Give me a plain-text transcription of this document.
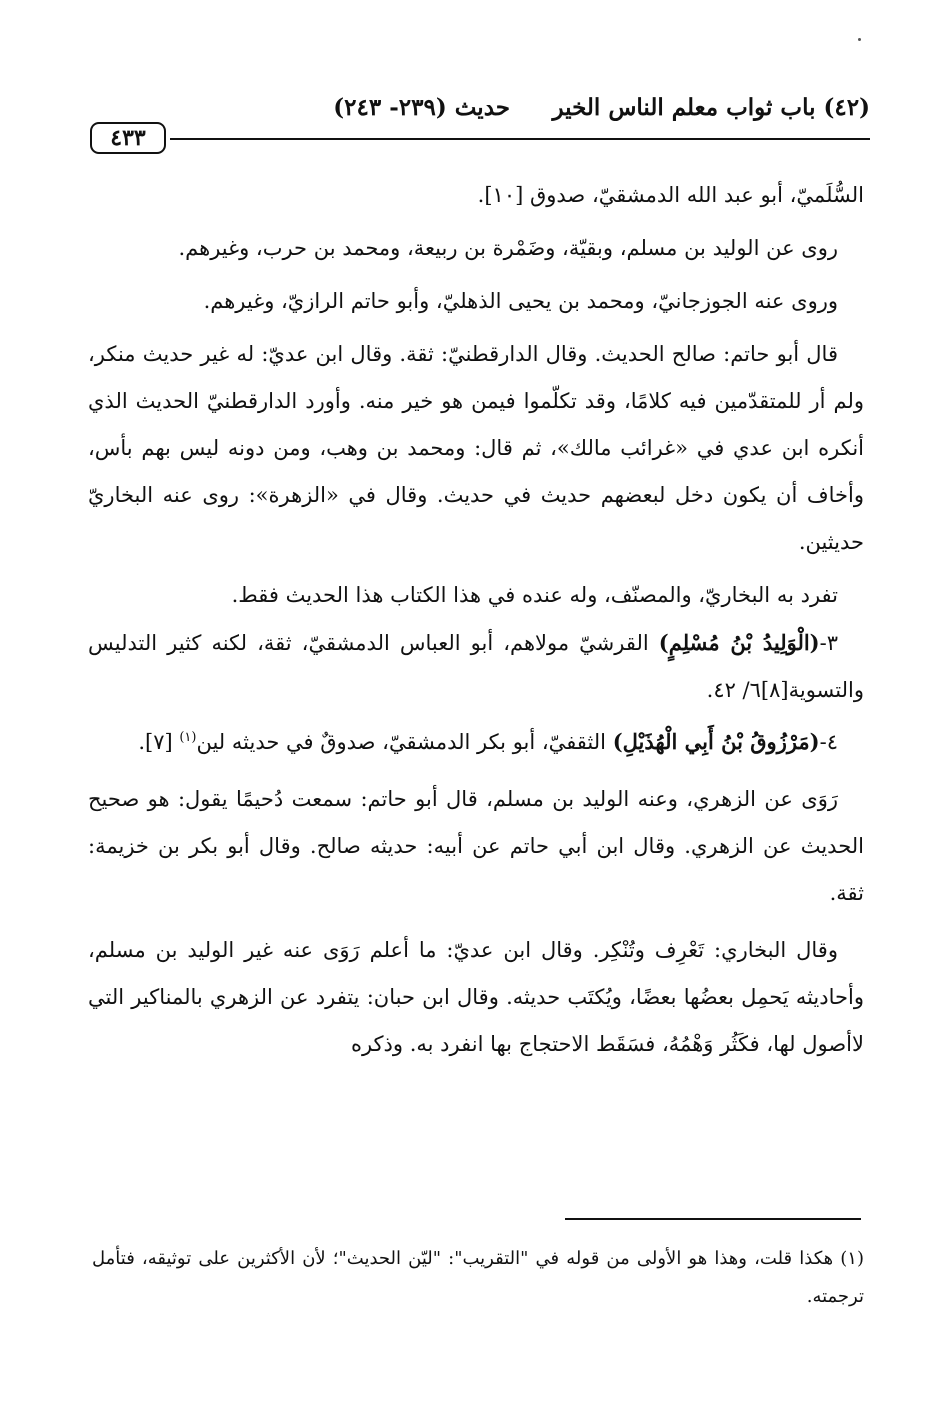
(٤٢) باب ثواب معلم الناس الخير
حديث (٢٣٩- ٢٤٣)
٤٣٣

السُّلَميّ، أبو عبد الله الدمشقيّ، صدوق [١٠].

روى عن الوليد بن مسلم، وبقيّة، وضَمْرة بن ربيعة، ومحمد بن حرب، وغيرهم.

وروى عنه الجوزجانيّ، ومحمد بن يحيى الذهليّ، وأبو حاتم الرازيّ، وغيرهم.

قال أبو حاتم: صالح الحديث. وقال الدارقطنيّ: ثقة. وقال ابن عديّ: له غير حديث منكر، ولم أر للمتقدّمين فيه كلامًا، وقد تكلّموا فيمن هو خير منه. وأورد الدارقطنيّ الحديث الذي أنكره ابن عدي في «غرائب مالك»، ثم قال: ومحمد بن وهب، ومن دونه ليس بهم بأس، وأخاف أن يكون دخل لبعضهم حديث في حديث. وقال في «الزهرة»: روى عنه البخاريّ حديثين.

تفرد به البخاريّ، والمصنّف، وله عنده في هذا الكتاب هذا الحديث فقط.

٣-(الْوَلِيدُ بْنُ مُسْلِمٍ) القرشيّ مولاهم، أبو العباس الدمشقيّ، ثقة، لكنه كثير التدليس والتسوية[٨]٦/ ٤٢.

٤-(مَرْزُوقُ بْنُ أَبِي الْهُذَيْلِ) الثقفيّ، أبو بكر الدمشقيّ، صدوقٌ في حديثه لين$^{(١)}$ [٧].

رَوَى عن الزهري، وعنه الوليد بن مسلم، قال أبو حاتم: سمعت دُحيمًا يقول: هو صحيح الحديث عن الزهري. وقال ابن أبي حاتم عن أبيه: حديثه صالح. وقال أبو بكر بن خزيمة: ثقة.

وقال البخاري: تَعْرِف وتُنْكِر. وقال ابن عديّ: ما أعلم رَوَى عنه غير الوليد بن مسلم، وأحاديثه يَحمِل بعضُها بعضًا، ويُكتَب حديثه. وقال ابن حبان: يتفرد عن الزهري بالمناكير التي لاأصول لها، فكَثُر وَهْمُهُ، فسَقَط الاحتجاج بها انفرد به. وذكره

(١) هكذا قلت، وهذا هو الأولى من قوله في "التقريب": "ليّن الحديث"؛ لأن الأكثرين على توثيقه، فتأمل ترجمته.
